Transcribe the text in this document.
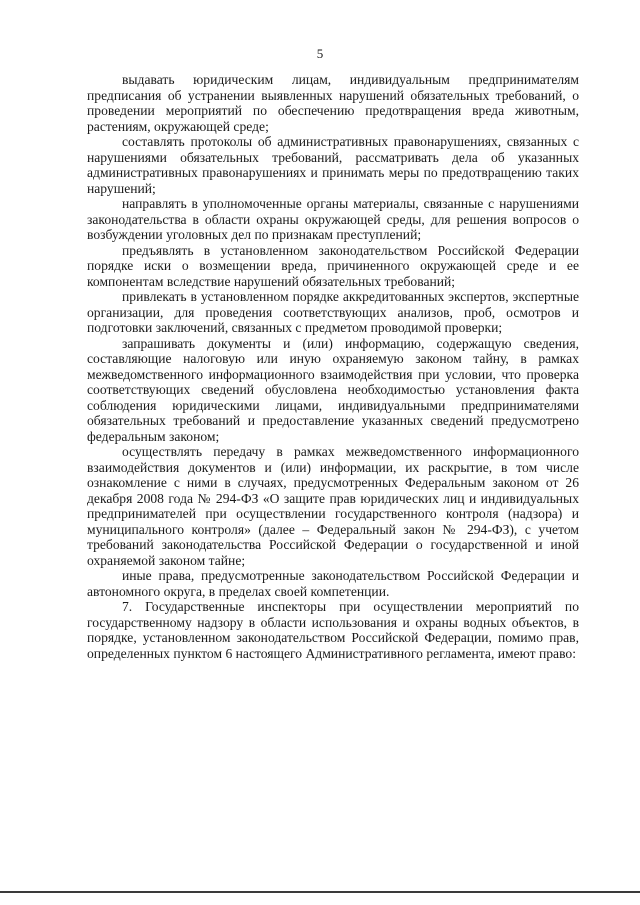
5

выдавать юридическим лицам, индивидуальным предпринимателям предписания об устранении выявленных нарушений обязательных требований, о проведении мероприятий по обеспечению предотвращения вреда животным, растениям, окружающей среде;

составлять протоколы об административных правонарушениях, связанных с нарушениями обязательных требований, рассматривать дела об указанных административных правонарушениях и принимать меры по предотвращению таких нарушений;

направлять в уполномоченные органы материалы, связанные с нарушениями законодательства в области охраны окружающей среды, для решения вопросов о возбуждении уголовных дел по признакам преступлений;

предъявлять в установленном законодательством Российской Федерации порядке иски о возмещении вреда, причиненного окружающей среде и ее компонентам вследствие нарушений обязательных требований;

привлекать в установленном порядке аккредитованных экспертов, экспертные организации, для проведения соответствующих анализов, проб, осмотров и подготовки заключений, связанных с предметом проводимой проверки;

запрашивать документы и (или) информацию, содержащую сведения, составляющие налоговую или иную охраняемую законом тайну, в рамках межведомственного информационного взаимодействия при условии, что проверка соответствующих сведений обусловлена необходимостью установления факта соблюдения юридическими лицами, индивидуальными предпринимателями обязательных требований и предоставление указанных сведений предусмотрено федеральным законом;

осуществлять передачу в рамках межведомственного информационного взаимодействия документов и (или) информации, их раскрытие, в том числе ознакомление с ними в случаях, предусмотренных Федеральным законом от 26 декабря 2008 года № 294-ФЗ «О защите прав юридических лиц и индивидуальных предпринимателей при осуществлении государственного контроля (надзора) и муниципального контроля» (далее – Федеральный закон № 294-ФЗ), с учетом требований законодательства Российской Федерации о государственной и иной охраняемой законом тайне;

иные права, предусмотренные законодательством Российской Федерации и автономного округа, в пределах своей компетенции.

7. Государственные инспекторы при осуществлении мероприятий по государственному надзору в области использования и охраны водных объектов, в порядке, установленном законодательством Российской Федерации, помимо прав, определенных пунктом 6 настоящего Административного регламента, имеют право:
